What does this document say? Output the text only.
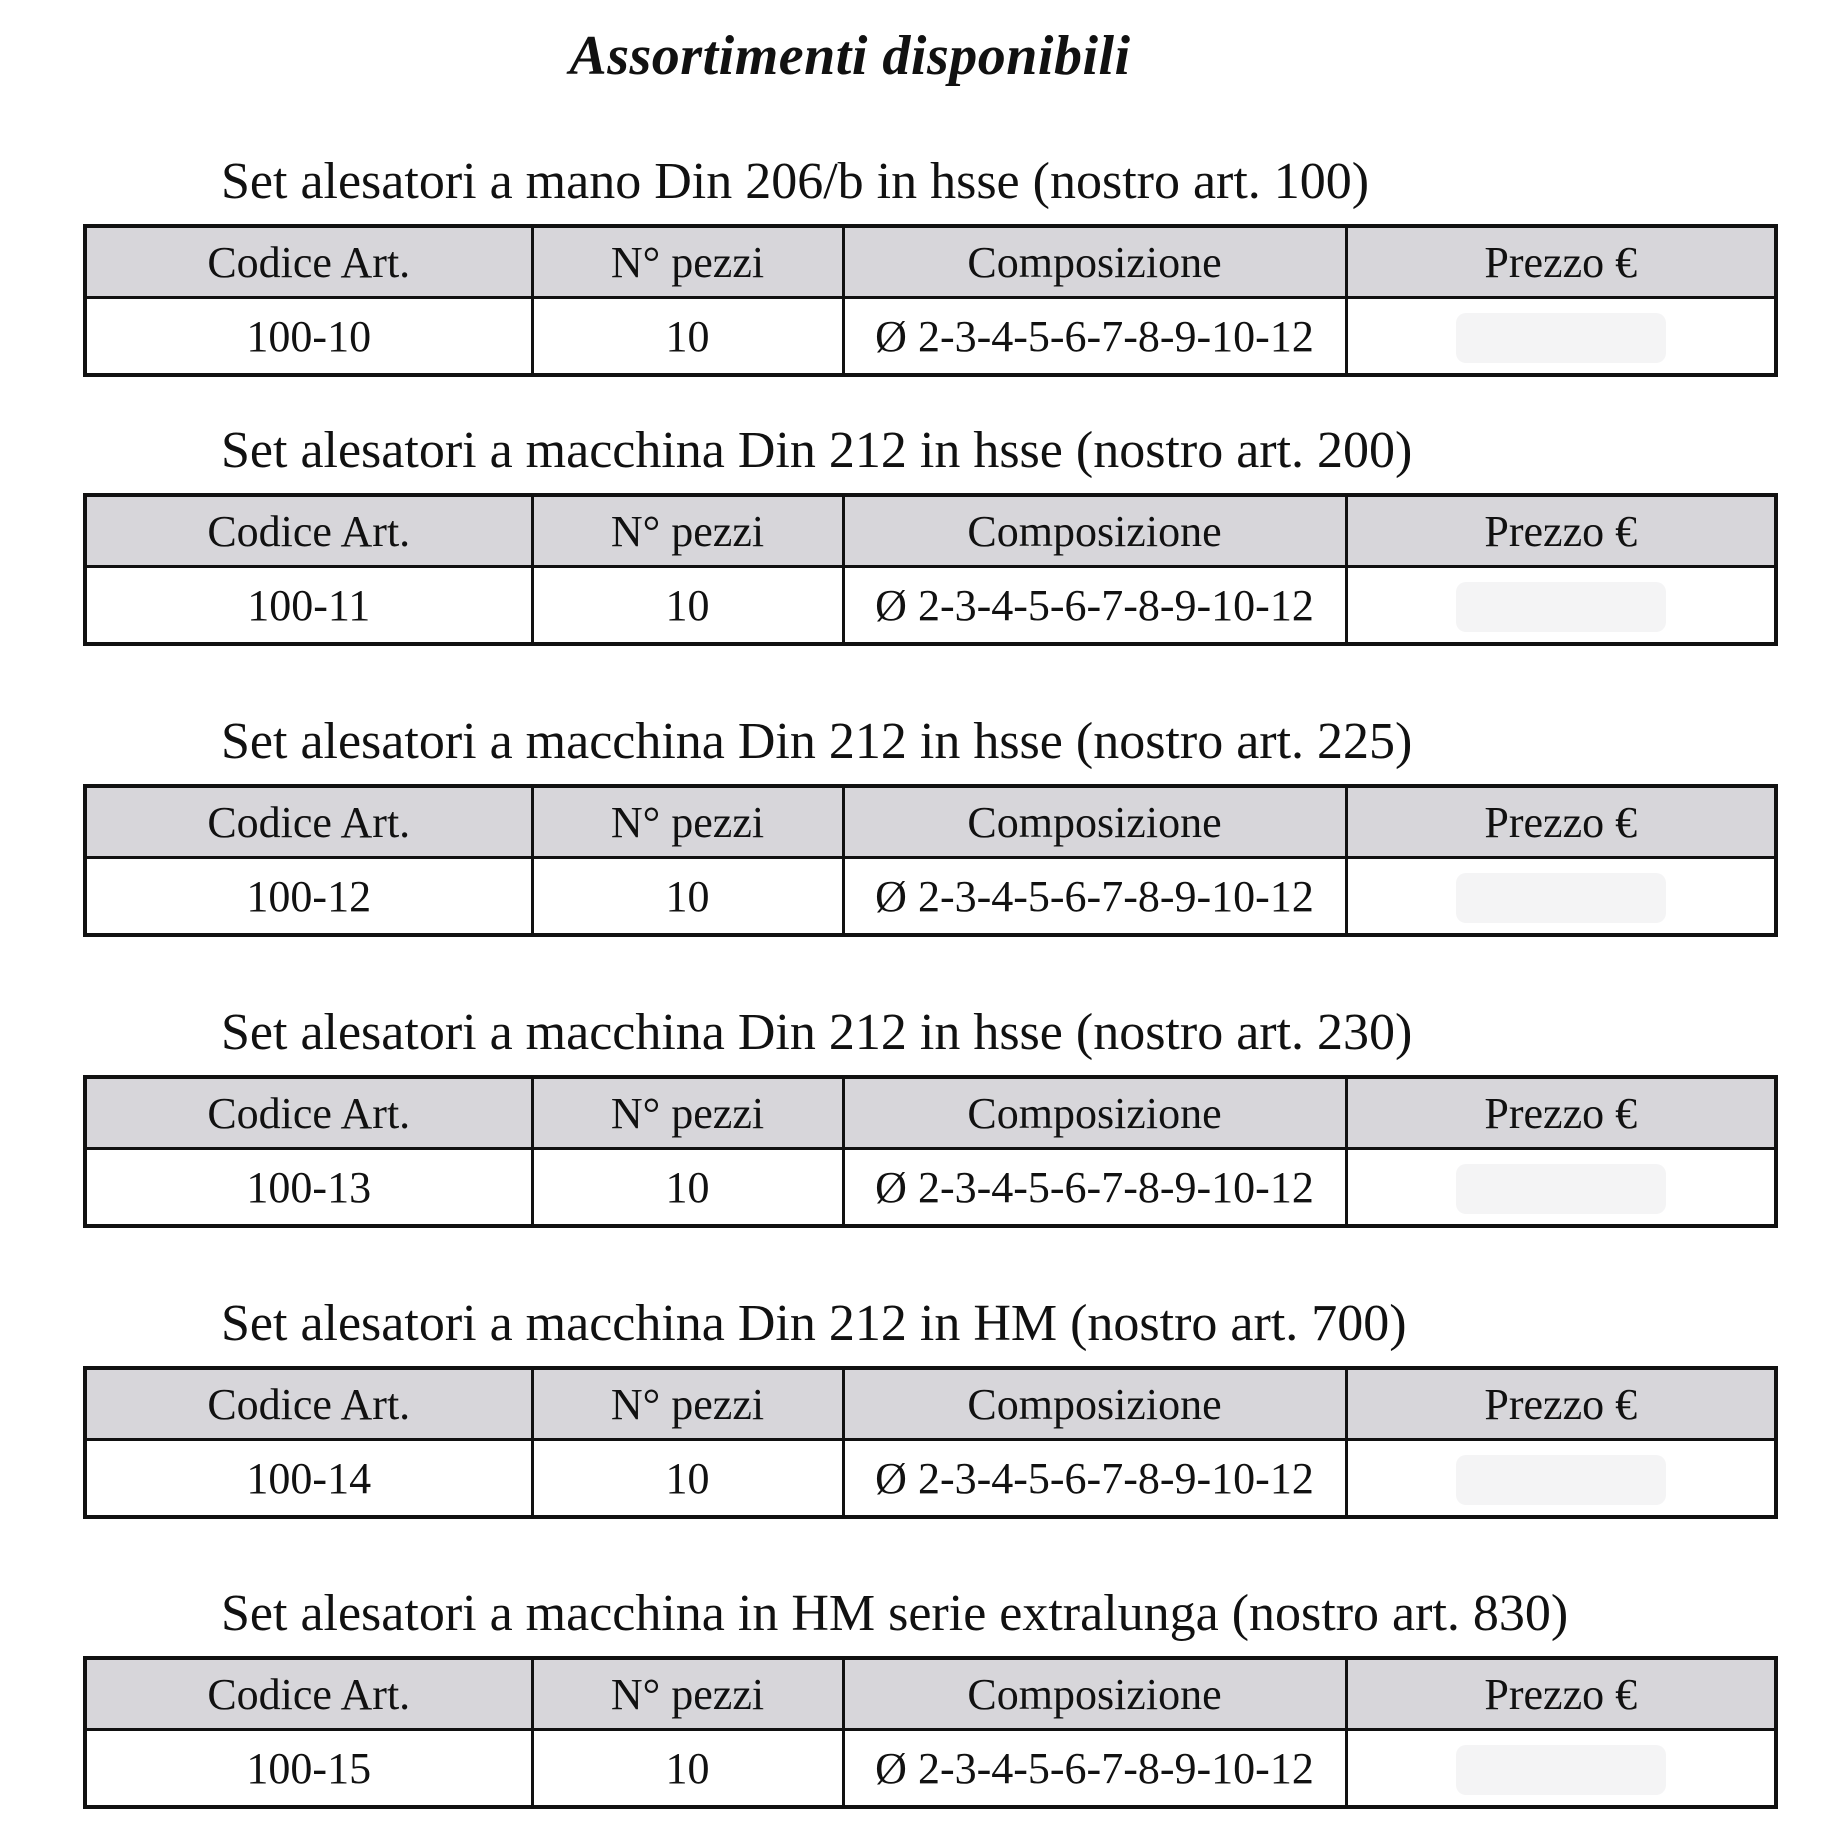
Assortimenti disponibili
Set alesatori a mano Din 206/b in hsse (nostro art. 100)
Codice Art.	N° pezzi	Composizione	Prezzo €
100-10	10	Ø 2-3-4-5-6-7-8-9-10-12	
Set alesatori a macchina Din 212 in hsse (nostro art. 200)
Codice Art.	N° pezzi	Composizione	Prezzo €
100-11	10	Ø 2-3-4-5-6-7-8-9-10-12	
Set alesatori a macchina Din 212 in hsse (nostro art. 225)
Codice Art.	N° pezzi	Composizione	Prezzo €
100-12	10	Ø 2-3-4-5-6-7-8-9-10-12	
Set alesatori a macchina Din 212 in hsse (nostro art. 230)
Codice Art.	N° pezzi	Composizione	Prezzo €
100-13	10	Ø 2-3-4-5-6-7-8-9-10-12	
Set alesatori a macchina Din 212 in HM (nostro art. 700)
Codice Art.	N° pezzi	Composizione	Prezzo €
100-14	10	Ø 2-3-4-5-6-7-8-9-10-12	
Set alesatori a macchina in HM serie extralunga (nostro art. 830)
Codice Art.	N° pezzi	Composizione	Prezzo €
100-15	10	Ø 2-3-4-5-6-7-8-9-10-12	
